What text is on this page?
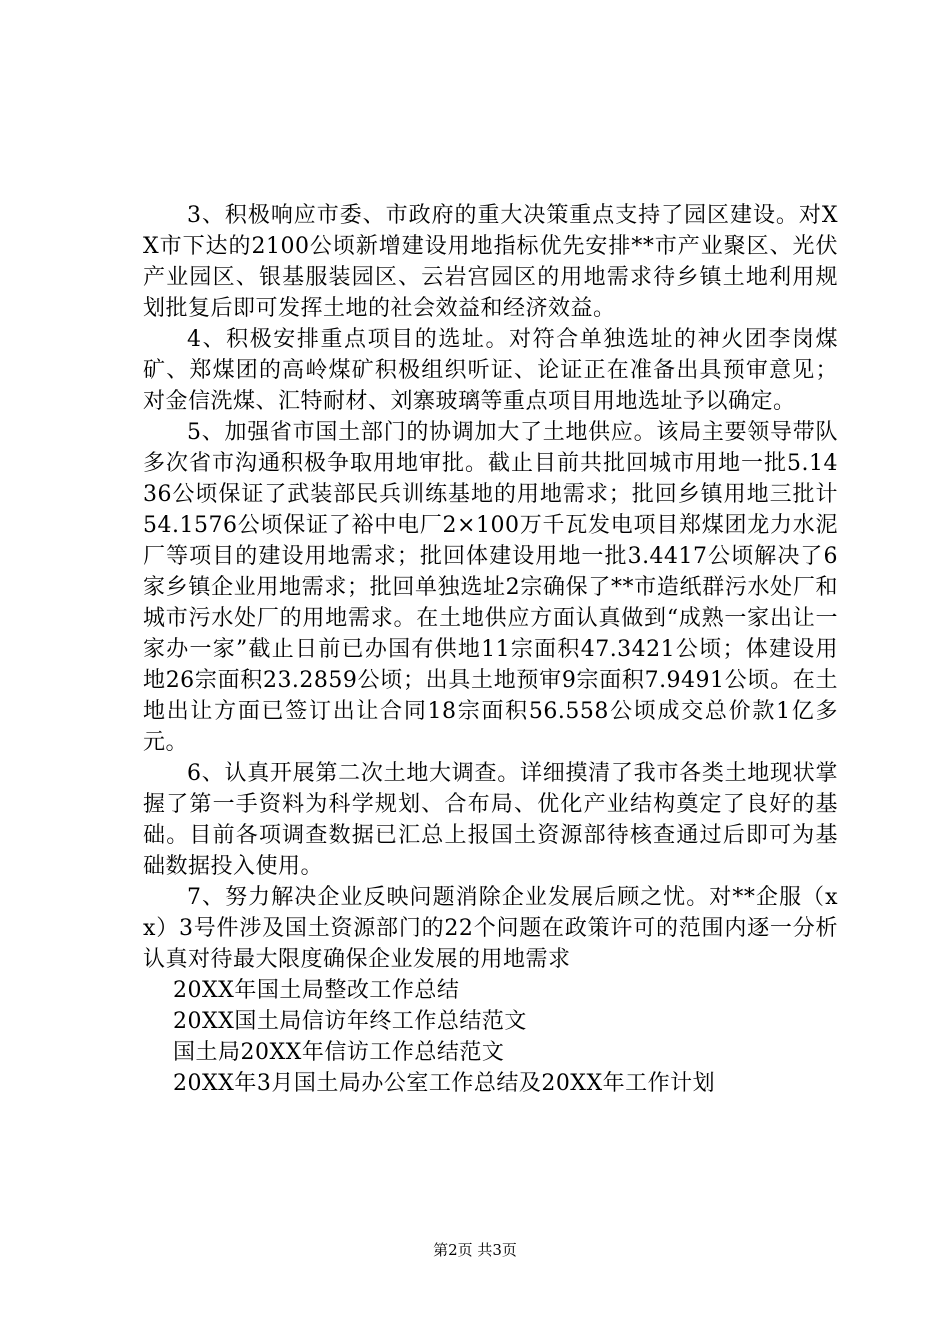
3、积极响应市委、市政府的重大决策重点支持了园区建设。对XX市下达的2100公顷新增建设用地指标优先安排**市产业聚区、光伏产业园区、银基服装园区、云岩宫园区的用地需求待乡镇土地利用规划批复后即可发挥土地的社会效益和经济效益。

4、积极安排重点项目的选址。对符合单独选址的神火团李岗煤矿、郑煤团的高岭煤矿积极组织听证、论证正在准备出具预审意见；对金信洗煤、汇特耐材、刘寨玻璃等重点项目用地选址予以确定。

5、加强省市国土部门的协调加大了土地供应。该局主要领导带队多次省市沟通积极争取用地审批。截止目前共批回城市用地一批5.1436公顷保证了武装部民兵训练基地的用地需求；批回乡镇用地三批计54.1576公顷保证了裕中电厂2×100万千瓦发电项目郑煤团龙力水泥厂等项目的建设用地需求；批回体建设用地一批3.4417公顷解决了6家乡镇企业用地需求；批回单独选址2宗确保了**市造纸群污水处厂和城市污水处厂的用地需求。在土地供应方面认真做到“成熟一家出让一家办一家”截止日前已办国有供地11宗面积47.3421公顷；体建设用地26宗面积23.2859公顷；出具土地预审9宗面积7.9491公顷。在土地出让方面已签订出让合同18宗面积56.558公顷成交总价款1亿多元。

6、认真开展第二次土地大调查。详细摸清了我市各类土地现状掌握了第一手资料为科学规划、合布局、优化产业结构奠定了良好的基础。目前各项调查数据已汇总上报国土资源部待核查通过后即可为基础数据投入使用。

7、努力解决企业反映问题消除企业发展后顾之忧。对**企服（xx）3号件涉及国土资源部门的22个问题在政策许可的范围内逐一分析认真对待最大限度确保企业发展的用地需求

20XX年国土局整改工作总结

20XX国土局信访年终工作总结范文

国土局20XX年信访工作总结范文

20XX年3月国土局办公室工作总结及20XX年工作计划

第2页 共3页
